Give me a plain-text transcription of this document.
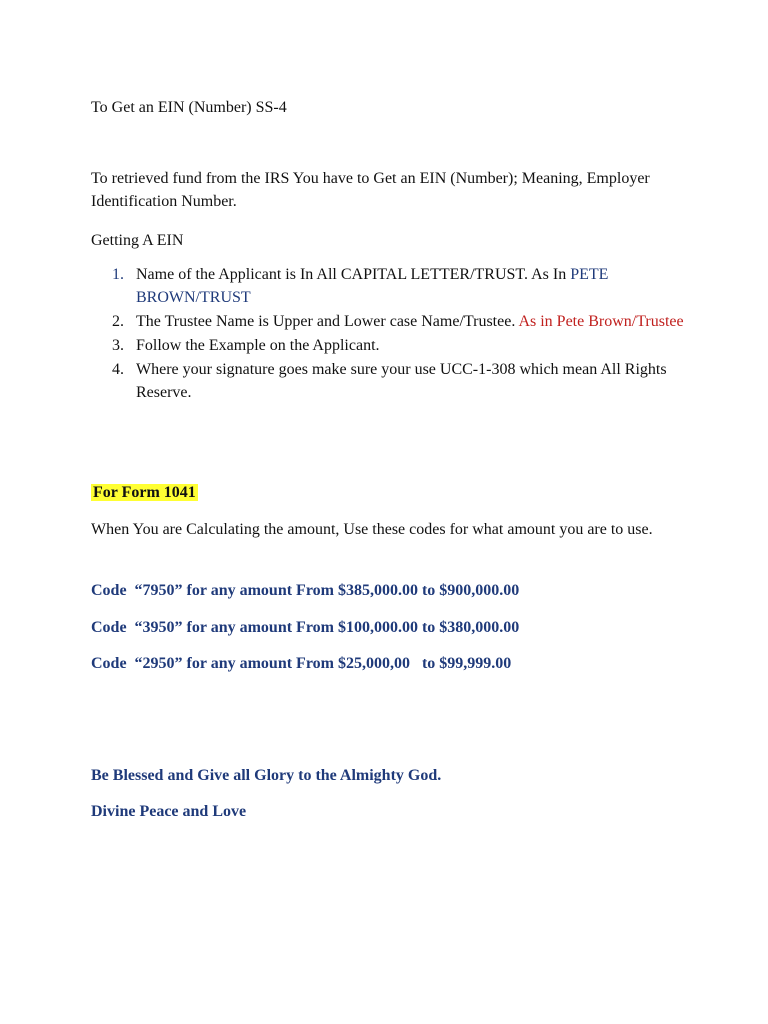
To Get an EIN (Number) SS-4
To retrieved fund from the IRS You have to Get an EIN (Number); Meaning, Employer Identification Number.
Getting A EIN
1. Name of the Applicant is In All CAPITAL LETTER/TRUST. As In PETE BROWN/TRUST
2. The Trustee Name is Upper and Lower case Name/Trustee. As in Pete Brown/Trustee
3. Follow the Example on the Applicant.
4. Where your signature goes make sure your use UCC-1-308 which mean All Rights Reserve.
For Form 1041
When You are Calculating the amount, Use these codes for what amount you are to use.
Code  “7950” for any amount From $385,000.00 to $900,000.00
Code  “3950” for any amount From $100,000.00 to $380,000.00
Code  “2950” for any amount From $25,000,00   to $99,999.00
Be Blessed and Give all Glory to the Almighty God.
Divine Peace and Love
